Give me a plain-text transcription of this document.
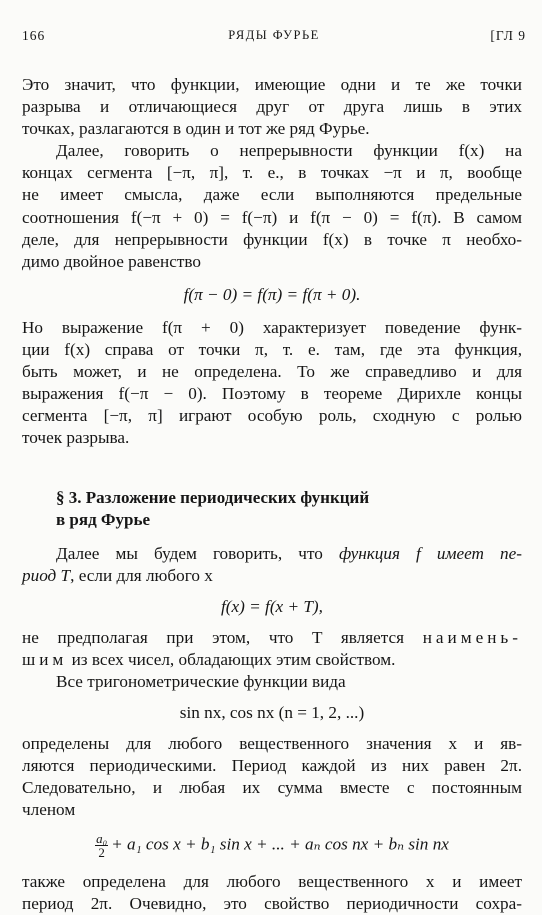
166	РЯДЫ ФУРЬЕ	[ГЛ 9
Это значит, что функции, имеющие одни и те же точки
разрыва и отличающиеся друг от друга лишь в этих
точках, разлагаются в один и тот же ряд Фурье.
Далее, говорить о непрерывности функции f(x) на
концах сегмента [−π, π], т. е., в точках −π и π, вообще
не имеет смысла, даже если выполняются предельные
соотношения f(−π + 0) = f(−π) и f(π − 0) = f(π). В самом
деле, для непрерывности функции f(x) в точке π необхо-
димо двойное равенство
f(π − 0) = f(π) = f(π + 0).
Но выражение f(π + 0) характеризует поведение функ-
ции f(x) справа от точки π, т. е. там, где эта функция,
быть может, и не определена. То же справедливо и для
выражения f(−π − 0). Поэтому в теореме Дирихле концы
сегмента [−π, π] играют особую роль, сходную с ролью
точек разрыва.
§ 3. Разложение периодических функций
в ряд Фурье
Далее мы будем говорить, что функция f имеет пе-
риод T, если для любого x
f(x) = f(x + T),
не предполагая при этом, что T является наимень-
шим из всех чисел, обладающих этим свойством.
Все тригонометрические функции вида
sin nx, cos nx (n = 1, 2, ...)
определены для любого вещественного значения x и яв-
ляются периодическими. Период каждой из них равен 2π.
Следовательно, и любая их сумма вместе с постоянным
членом
$\frac{\text{a₀}}{2} + a_1$ cos x + b₁ sin x + ... + aₙ cos nx + bₙ sin nx
также определена для любого вещественного x и имеет
период 2π. Очевидно, это свойство периодичности сохра-
